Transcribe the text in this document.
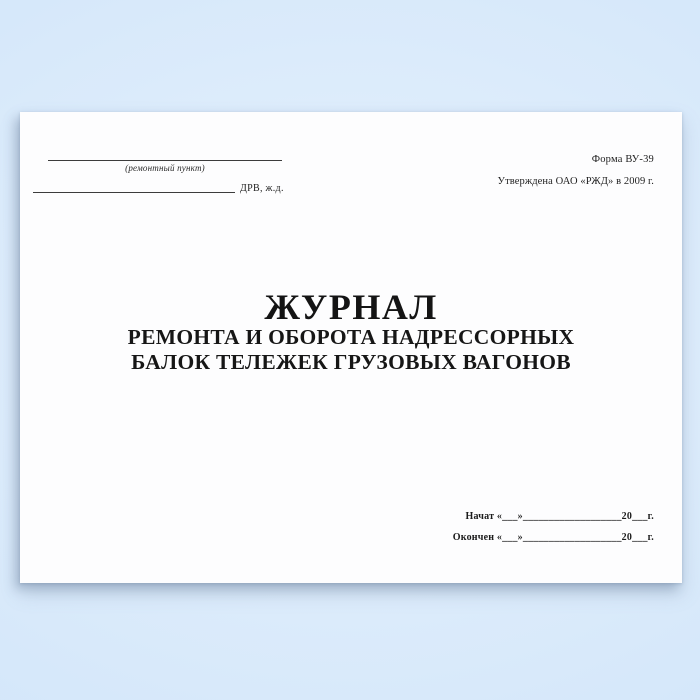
(ремонтный пункт)
ДРВ, ж.д.
Форма ВУ-39
Утверждена ОАО «РЖД» в 2009 г.
ЖУРНАЛ
РЕМОНТА И ОБОРОТА НАДРЕССОРНЫХ
БАЛОК ТЕЛЕЖЕК ГРУЗОВЫХ ВАГОНОВ
Начат «___»___________________20___г.
Окончен «___»___________________20___г.
